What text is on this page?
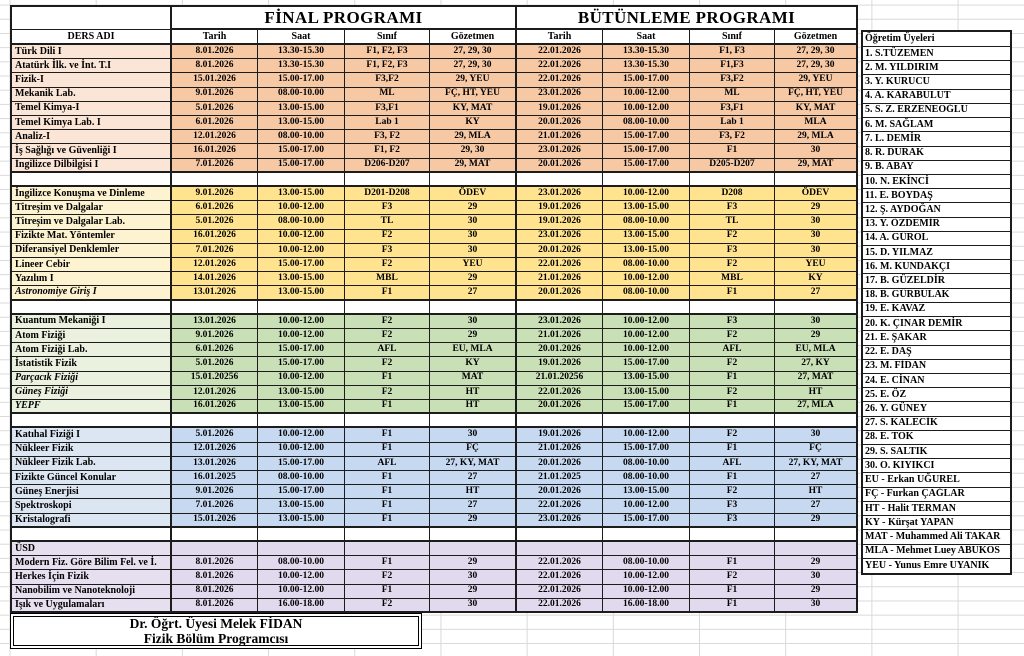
FİNAL PROGRAMI	BÜTÜNLEME PROGRAMI
DERS ADI	Tarih	Saat	Sınıf	Gözetmen	Tarih	Saat	Sınıf	Gözetmen
Türk Dili I	8.01.2026	13.30-15.30	F1, F2, F3	27, 29, 30	22.01.2026	13.30-15.30	F1, F3	27, 29, 30
Atatürk İlk. ve İnt. T.I	8.01.2026	13.30-15.30	F1, F2, F3	27, 29, 30	22.01.2026	13.30-15.30	F1,F3	27, 29, 30
Fizik-I	15.01.2026	15.00-17.00	F3,F2	29, YEU	22.01.2026	15.00-17.00	F3,F2	29, YEU
Mekanik Lab.	9.01.2026	08.00-10.00	ML	FÇ, HT, YEU	23.01.2026	10.00-12.00	ML	FÇ, HT, YEU
Temel Kimya-I	5.01.2026	13.00-15.00	F3,F1	KY, MAT	19.01.2026	10.00-12.00	F3,F1	KY, MAT
Temel Kimya Lab. I	6.01.2026	13.00-15.00	Lab 1	KY	20.01.2026	08.00-10.00	Lab 1	MLA
Analiz-I	12.01.2026	08.00-10.00	F3, F2	29, MLA	21.01.2026	15.00-17.00	F3, F2	29, MLA
İş Sağlığı ve Güvenliği I	16.01.2026	15.00-17.00	F1, F2	29, 30	23.01.2026	15.00-17.00	F1	30
İngilizce Dilbilgisi I	7.01.2026	15.00-17.00	D206-D207	29, MAT	20.01.2026	15.00-17.00	D205-D207	29, MAT
İngilizce Konuşma ve Dinleme	9.01.2026	13.00-15.00	D201-D208	ÖDEV	23.01.2026	10.00-12.00	D208	ÖDEV
Titreşim ve Dalgalar	6.01.2026	10.00-12.00	F3	29	19.01.2026	13.00-15.00	F3	29
Titreşim ve Dalgalar Lab.	5.01.2026	08.00-10.00	TL	30	19.01.2026	08.00-10.00	TL	30
Fizikte Mat. Yöntemler	16.01.2026	10.00-12.00	F2	30	23.01.2026	13.00-15.00	F2	30
Diferansiyel Denklemler	7.01.2026	10.00-12.00	F3	30	20.01.2026	13.00-15.00	F3	30
Lineer Cebir	12.01.2026	15.00-17.00	F2	YEU	22.01.2026	08.00-10.00	F2	YEU
Yazılım I	14.01.2026	13.00-15.00	MBL	29	21.01.2026	10.00-12.00	MBL	KY
Astronomiye Giriş I	13.01.2026	13.00-15.00	F1	27	20.01.2026	08.00-10.00	F1	27
Kuantum Mekaniği I	13.01.2026	10.00-12.00	F2	30	23.01.2026	10.00-12.00	F3	30
Atom Fiziği	9.01.2026	10.00-12.00	F2	29	21.01.2026	10.00-12.00	F2	29
Atom Fiziği Lab.	6.01.2026	15.00-17.00	AFL	EU, MLA	20.01.2026	10.00-12.00	AFL	EU, MLA
İstatistik Fizik	5.01.2026	15.00-17.00	F2	KY	19.01.2026	15.00-17.00	F2	27, KY
Parçacık Fiziği	15.01.20256	10.00-12.00	F1	MAT	21.01.20256	13.00-15.00	F1	27, MAT
Güneş Fiziği	12.01.2026	13.00-15.00	F2	HT	22.01.2026	13.00-15.00	F2	HT
YEPF	16.01.2026	13.00-15.00	F1	HT	20.01.2026	15.00-17.00	F1	27, MLA
Katıhal Fiziği I	5.01.2026	10.00-12.00	F1	30	19.01.2026	10.00-12.00	F2	30
Nükleer Fizik	12.01.2026	10.00-12.00	F1	FÇ	21.01.2026	15.00-17.00	F1	FÇ
Nükleer Fizik Lab.	13.01.2026	15.00-17.00	AFL	27, KY, MAT	20.01.2026	08.00-10.00	AFL	27, KY, MAT
Fizikte Güncel Konular	16.01.2025	08.00-10.00	F1	27	21.01.2025	08.00-10.00	F1	27
Güneş Enerjisi	9.01.2026	15.00-17.00	F1	HT	20.01.2026	13.00-15.00	F2	HT
Spektroskopi	7.01.2026	13.00-15.00	F1	27	22.01.2026	10.00-12.00	F3	27
Kristalografi	15.01.2026	13.00-15.00	F1	29	23.01.2026	15.00-17.00	F3	29
ÜSD
Modern Fiz. Göre Bilim Fel. ve İ.	8.01.2026	08.00-10.00	F1	29	22.01.2026	08.00-10.00	F1	29
Herkes İçin Fizik	8.01.2026	10.00-12.00	F2	30	22.01.2026	10.00-12.00	F2	30
Nanobilim ve Nanoteknoloji	8.01.2026	10.00-12.00	F1	29	22.01.2026	10.00-12.00	F1	29
Işık ve Uygulamaları	8.01.2026	16.00-18.00	F2	30	22.01.2026	16.00-18.00	F1	30
Öğretim Üyeleri
1. S.TÜZEMEN
2. M. YILDIRIM
3. Y. KURUCU
4. A. KARABULUT
5. S. Z. ERZENEOĞLU
6. M. SAĞLAM
7. L. DEMİR
8. R. DURAK
9. B. ABAY
10. N. EKİNCİ
11. E. BOYDAŞ
12. Ş. AYDOĞAN
13. Y. ÖZDEMİR
14. A. GÜROL
15. D. YILMAZ
16. M. KUNDAKÇI
17. B. GÜZELDİR
18. B. GÜRBULAK
19. E. KAVAZ
20. K. ÇINAR DEMİR
21. E. ŞAKAR
22. E. DAŞ
23. M. FİDAN
24. E. CİNAN
25. E. ÖZ
26. Y. GÜNEY
27. S. KALECİK
28. E. TOK
29. S. SALTIK
30. O. KIYIKCI
EU - Erkan UĞUREL
FÇ - Furkan ÇAĞLAR
HT - Halit TERMAN
KY - Kürşat YAPAN
MAT - Muhammed Ali TAKAR
MLA - Mehmet Luey ABUKOS
YEU - Yunus Emre UYANIK
Dr. Öğrt. Üyesi Melek FİDAN
Fizik Bölüm Programcısı
